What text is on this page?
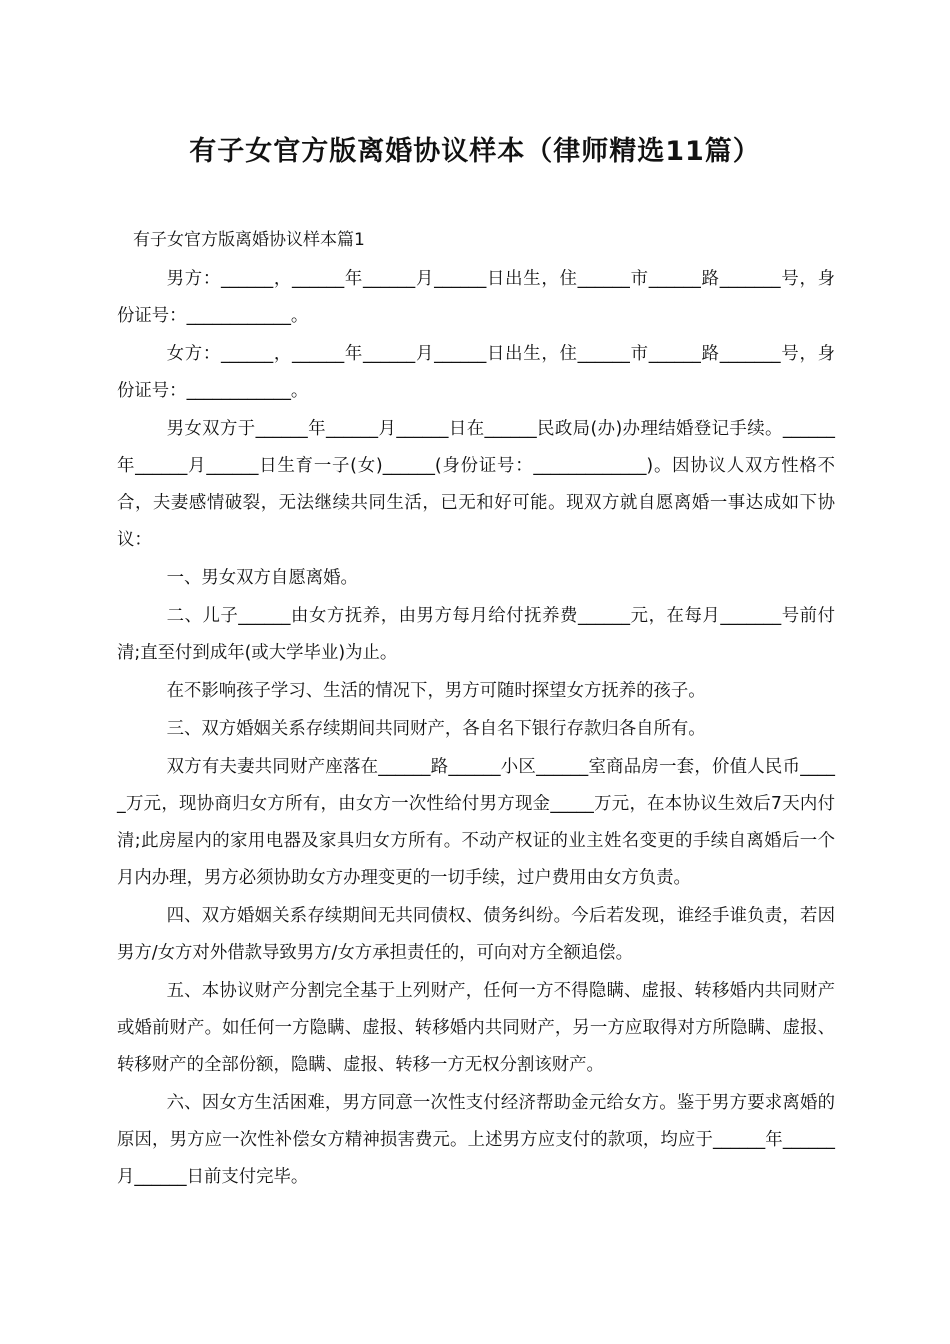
有子女官方版离婚协议样本（律师精选11篇）

有子女官方版离婚协议样本篇1

男方：______，______年______月______日出生，住______市______路_______号，身份证号：____________。

女方：______，______年______月______日出生，住______市______路_______号，身份证号：____________。

男女双方于______年______月______日在______民政局(办)办理结婚登记手续。______年______月______日生育一子(女)______(身份证号：_____________)。因协议人双方性格不合，夫妻感情破裂，无法继续共同生活，已无和好可能。现双方就自愿离婚一事达成如下协议：

一、男女双方自愿离婚。

二、儿子______由女方抚养，由男方每月给付抚养费______元，在每月_______号前付清;直至付到成年(或大学毕业)为止。

在不影响孩子学习、生活的情况下，男方可随时探望女方抚养的孩子。

三、双方婚姻关系存续期间共同财产，各自名下银行存款归各自所有。

双方有夫妻共同财产座落在______路______小区______室商品房一套，价值人民币_____万元，现协商归女方所有，由女方一次性给付男方现金_____万元，在本协议生效后7天内付清;此房屋内的家用电器及家具归女方所有。不动产权证的业主姓名变更的手续自离婚后一个月内办理，男方必须协助女方办理变更的一切手续，过户费用由女方负责。

四、双方婚姻关系存续期间无共同债权、债务纠纷。今后若发现，谁经手谁负责，若因男方/女方对外借款导致男方/女方承担责任的，可向对方全额追偿。

五、本协议财产分割完全基于上列财产，任何一方不得隐瞒、虚报、转移婚内共同财产或婚前财产。如任何一方隐瞒、虚报、转移婚内共同财产，另一方应取得对方所隐瞒、虚报、转移财产的全部份额，隐瞒、虚报、转移一方无权分割该财产。

六、因女方生活困难，男方同意一次性支付经济帮助金元给女方。鉴于男方要求离婚的原因，男方应一次性补偿女方精神损害费元。上述男方应支付的款项，均应于______年______月______日前支付完毕。
